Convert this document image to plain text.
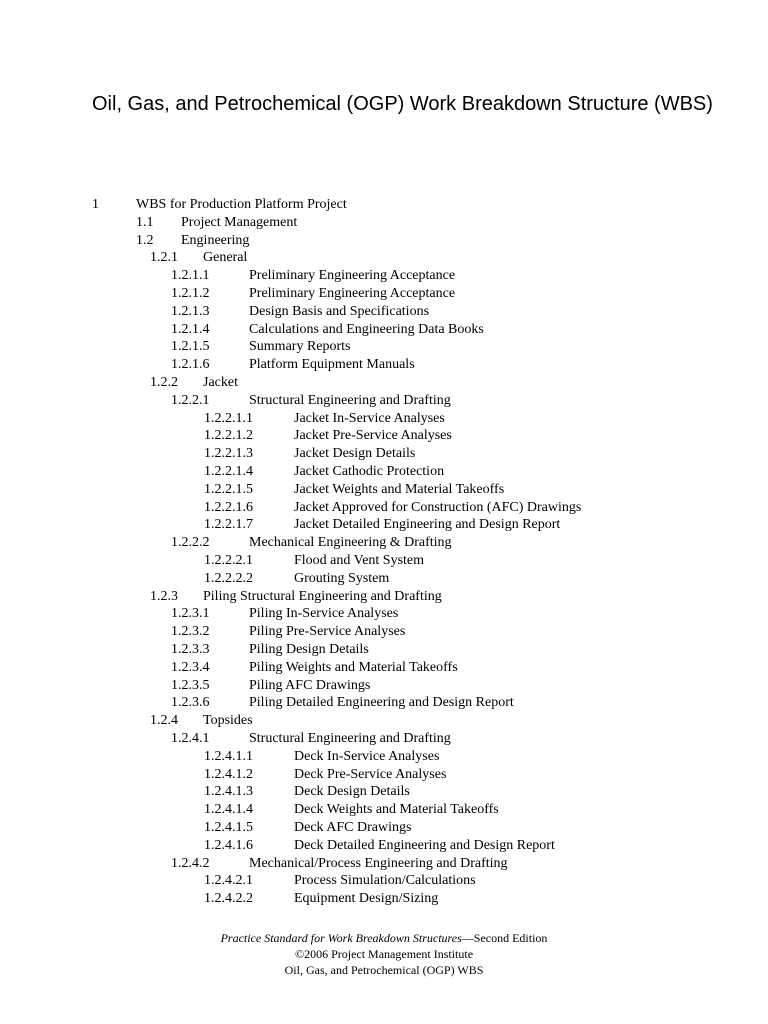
Oil, Gas, and Petrochemical (OGP) Work Breakdown Structure (WBS)
1	WBS for Production Platform Project
1.1 Project Management
1.2 Engineering
1.2.1 General
1.2.1.1	Preliminary Engineering Acceptance
1.2.1.2	Preliminary Engineering Acceptance
1.2.1.3	Design Basis and Specifications
1.2.1.4	Calculations and Engineering Data Books
1.2.1.5	Summary Reports
1.2.1.6	Platform Equipment Manuals
1.2.2 Jacket
1.2.2.1	Structural Engineering and Drafting
1.2.2.1.1	Jacket In-Service Analyses
1.2.2.1.2	Jacket Pre-Service Analyses
1.2.2.1.3	Jacket Design Details
1.2.2.1.4	Jacket Cathodic Protection
1.2.2.1.5	Jacket Weights and Material Takeoffs
1.2.2.1.6	Jacket Approved for Construction (AFC) Drawings
1.2.2.1.7	Jacket Detailed Engineering and Design Report
1.2.2.2	Mechanical Engineering & Drafting
1.2.2.2.1	Flood and Vent System
1.2.2.2.2	Grouting System
1.2.3 Piling Structural Engineering and Drafting
1.2.3.1	Piling In-Service Analyses
1.2.3.2	Piling Pre-Service Analyses
1.2.3.3	Piling Design Details
1.2.3.4	Piling Weights and Material Takeoffs
1.2.3.5	Piling AFC Drawings
1.2.3.6	Piling Detailed Engineering and Design Report
1.2.4 Topsides
1.2.4.1	Structural Engineering and Drafting
1.2.4.1.1	Deck In-Service Analyses
1.2.4.1.2	Deck Pre-Service Analyses
1.2.4.1.3	Deck Design Details
1.2.4.1.4	Deck Weights and Material Takeoffs
1.2.4.1.5	Deck AFC Drawings
1.2.4.1.6	Deck Detailed Engineering and Design Report
1.2.4.2	Mechanical/Process Engineering and Drafting
1.2.4.2.1	Process Simulation/Calculations
1.2.4.2.2	Equipment Design/Sizing
Practice Standard for Work Breakdown Structures—Second Edition
©2006 Project Management Institute
Oil, Gas, and Petrochemical (OGP) WBS
